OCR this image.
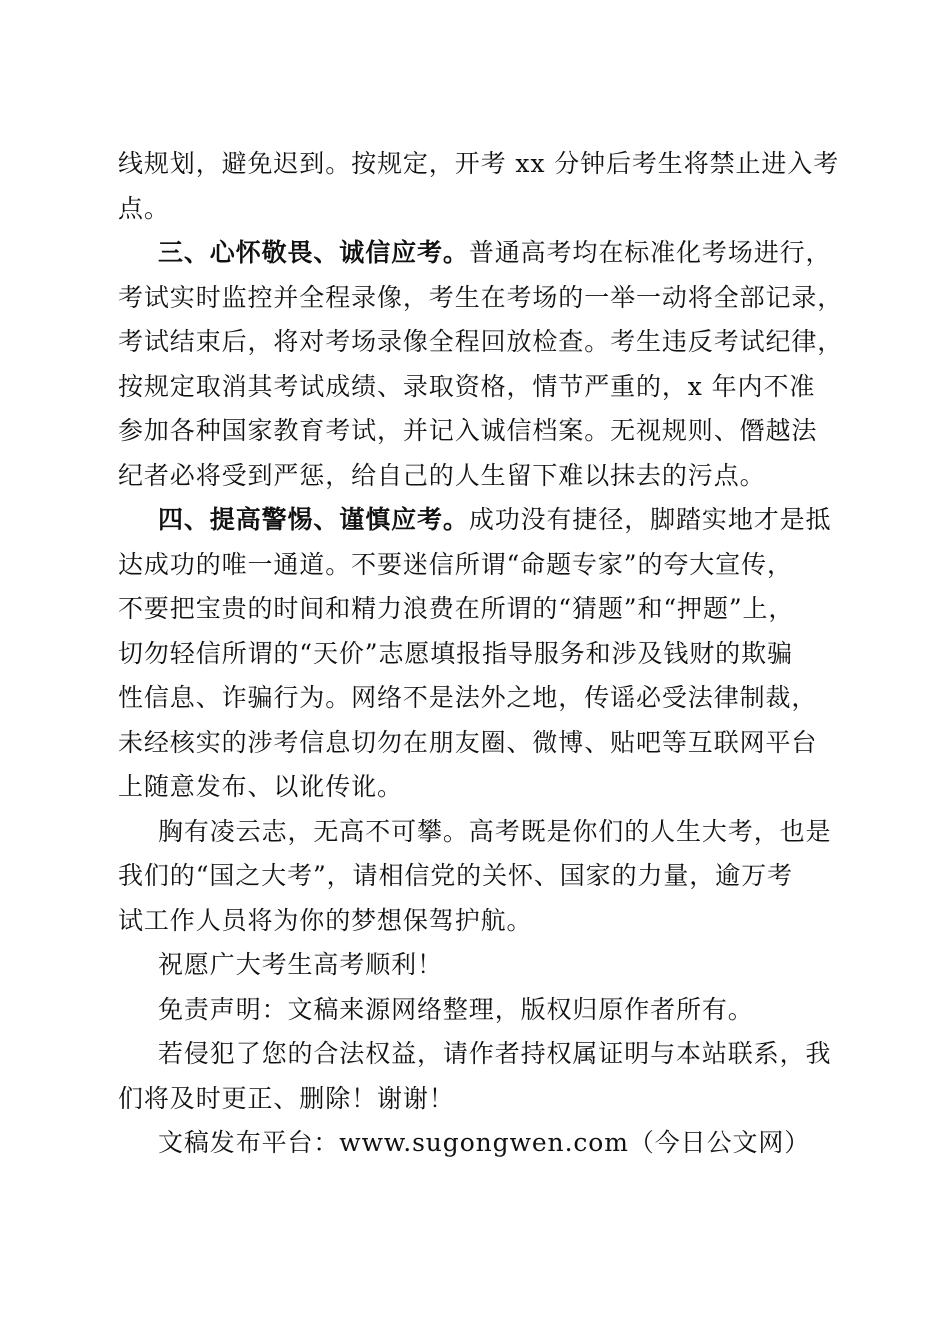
线规划，避免迟到。按规定，开考 xx 分钟后考生将禁止进入考
点。
三、心怀敬畏、诚信应考。普通高考均在标准化考场进行，
考试实时监控并全程录像，考生在考场的一举一动将全部记录，
考试结束后，将对考场录像全程回放检查。考生违反考试纪律，
按规定取消其考试成绩、录取资格，情节严重的，x 年内不准
参加各种国家教育考试，并记入诚信档案。无视规则、僭越法
纪者必将受到严惩，给自己的人生留下难以抹去的污点。
四、提高警惕、谨慎应考。成功没有捷径，脚踏实地才是抵
达成功的唯一通道。不要迷信所谓“命题专家”的夸大宣传，
不要把宝贵的时间和精力浪费在所谓的“猜题”和“押题”上，
切勿轻信所谓的“天价”志愿填报指导服务和涉及钱财的欺骗
性信息、诈骗行为。网络不是法外之地，传谣必受法律制裁，
未经核实的涉考信息切勿在朋友圈、微博、贴吧等互联网平台
上随意发布、以讹传讹。
胸有凌云志，无高不可攀。高考既是你们的人生大考，也是
我们的“国之大考”，请相信党的关怀、国家的力量，逾万考
试工作人员将为你的梦想保驾护航。
祝愿广大考生高考顺利！
免责声明：文稿来源网络整理，版权归原作者所有。
若侵犯了您的合法权益，请作者持权属证明与本站联系，我
们将及时更正、删除！谢谢！
文稿发布平台：www.sugongwen.com（今日公文网）
